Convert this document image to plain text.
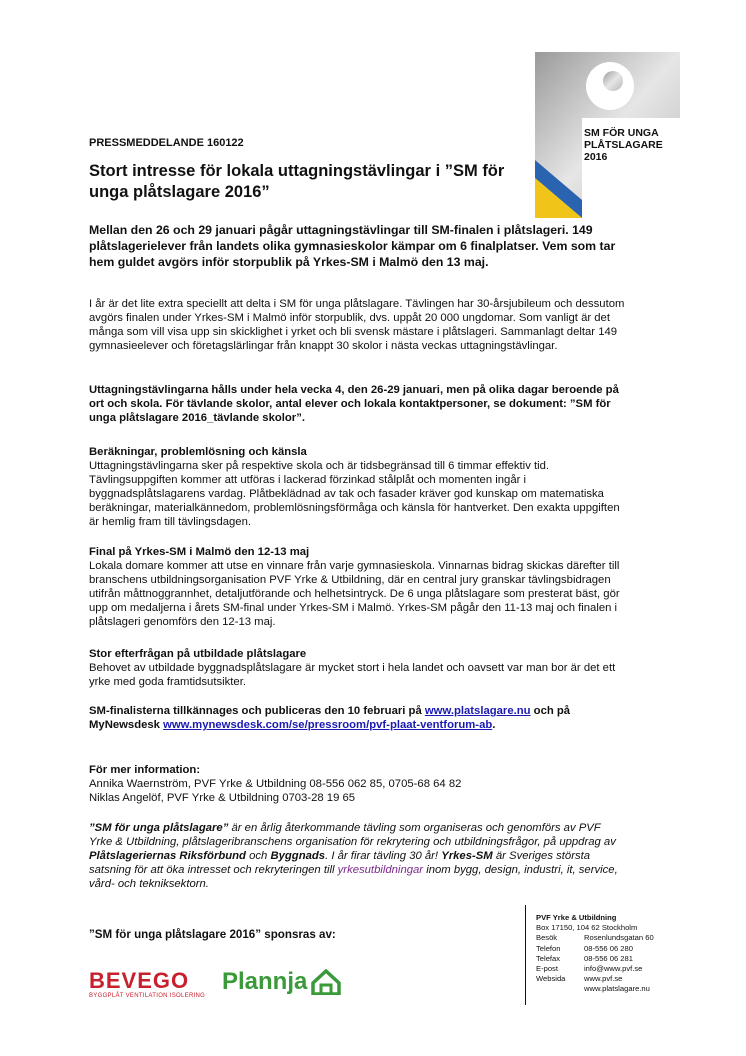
SM FÖR UNGA
PLÅTSLAGARE
2016
PRESSMEDDELANDE 160122
Stort intresse för lokala uttagningstävlingar i ”SM för unga plåtslagare 2016”
Mellan den 26 och 29 januari pågår uttagningstävlingar till SM-finalen i plåtslageri. 149 plåtslagerielever från landets olika gymnasieskolor kämpar om 6 finalplatser. Vem som tar hem guldet avgörs inför storpublik på Yrkes-SM i Malmö den 13 maj.
I år är det lite extra speciellt att delta i SM för unga plåtslagare. Tävlingen har 30-årsjubileum och dessutom avgörs finalen under Yrkes-SM i Malmö inför storpublik, dvs. uppåt 20 000 ungdomar. Som vanligt är det många som vill visa upp sin skicklighet i yrket och bli svensk mästare i plåtslageri. Sammanlagt deltar 149 gymnasieelever och företagslärlingar från knappt 30 skolor i nästa veckas uttagningstävlingar.
Uttagningstävlingarna hålls under hela vecka 4, den 26-29 januari, men på olika dagar beroende på ort och skola. För tävlande skolor, antal elever och lokala kontaktpersoner, se dokument: ”SM för unga plåtslagare 2016_tävlande skolor”.
Beräkningar, problemlösning och känsla
Uttagningstävlingarna sker på respektive skola och är tidsbegränsad till 6 timmar effektiv tid. Tävlingsuppgiften kommer att utföras i lackerad förzinkad stålplåt och momenten ingår i byggnadsplåtslagarens vardag. Plåtbeklädnad av tak och fasader kräver god kunskap om matematiska beräkningar, materialkännedom, problemlösningsförmåga och känsla för hantverket. Den exakta uppgiften är hemlig fram till tävlingsdagen.
Final på Yrkes-SM i Malmö den 12-13 maj
Lokala domare kommer att utse en vinnare från varje gymnasieskola. Vinnarnas bidrag skickas därefter till branschens utbildningsorganisation PVF Yrke & Utbildning, där en central jury granskar tävlingsbidragen utifrån måttnoggrannhet, detaljutförande och helhetsintryck. De 6 unga plåtslagare som presterat bäst, gör upp om medaljerna i årets SM-final under Yrkes-SM i Malmö. Yrkes-SM pågår den 11-13 maj och finalen i plåtslageri genomförs den 12-13 maj.
Stor efterfrågan på utbildade plåtslagare
Behovet av utbildade byggnadsplåtslagare är mycket stort i hela landet och oavsett var man bor är det ett yrke med goda framtidsutsikter.
SM-finalisterna tillkännages och publiceras den 10 februari på www.platslagare.nu och på MyNewsdesk www.mynewsdesk.com/se/pressroom/pvf-plaat-ventforum-ab.
För mer information:
Annika Waernström, PVF Yrke & Utbildning 08-556 062 85, 0705-68 64 82
Niklas Angelöf, PVF Yrke & Utbildning 0703-28 19 65
”SM för unga plåtslagare” är en årlig återkommande tävling som organiseras och genomförs av PVF Yrke & Utbildning, plåtslageribranschens organisation för rekrytering och utbildningsfrågor, på uppdrag av Plåtslageriernas Riksförbund och Byggnads. I år firar tävling 30 år! Yrkes-SM är Sveriges största satsning för att öka intresset och rekryteringen till yrkesutbildningar inom bygg, design, industri, it, service, vård- och tekniksektorn.
”SM för unga plåtslagare 2016” sponsras av:
BEVEGO
BYGGPLÅT VENTILATION ISOLERING
Plannja
PVF Yrke & Utbildning
Box 17150, 104 62 Stockholm
Besök	Rosenlundsgatan 60
Telefon	08-556 06 280
Telefax	08-556 06 281
E-post	info@www.pvf.se
Websida	www.pvf.se
www.platslagare.nu
